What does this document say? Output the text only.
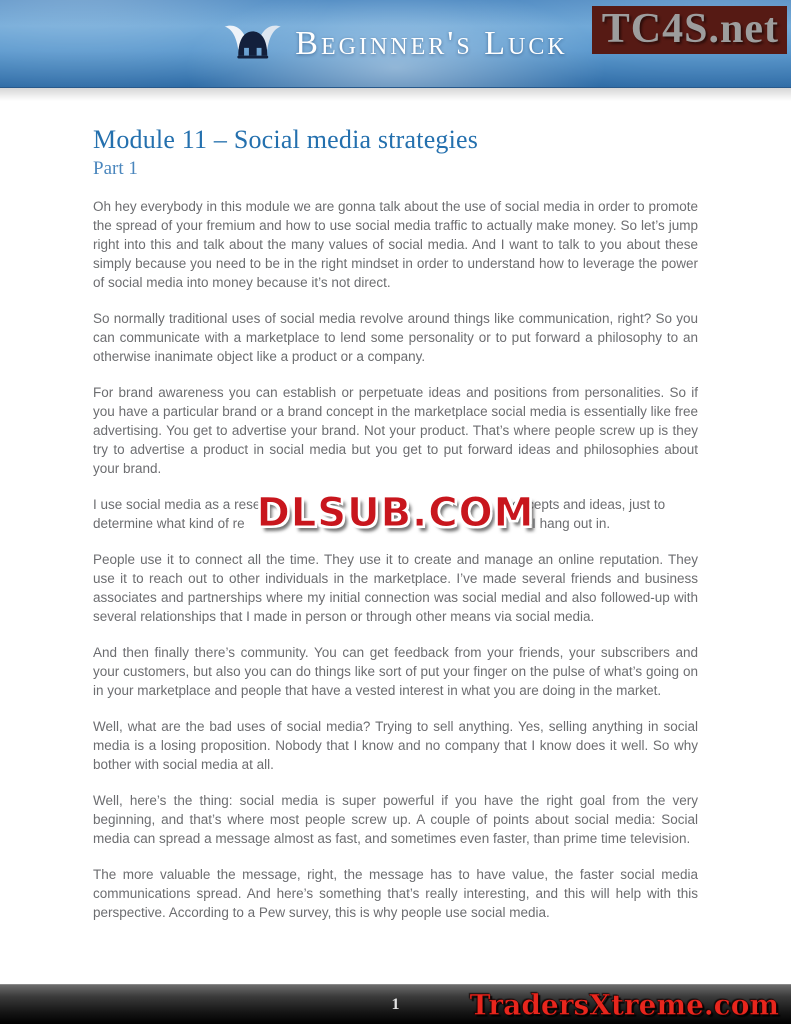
Beginner's Luck TC4S.net
Module 11 – Social media strategies
Part 1

Oh hey everybody in this module we are gonna talk about the use of social media in order to promote the spread of your fremium and how to use social media traffic to actually make money. So let’s jump right into this and talk about the many values of social media. And I want to talk to you about these simply because you need to be in the right mindset in order to understand how to leverage the power of social media into money because it’s not direct.

So normally traditional uses of social media revolve around things like communication, right? So you can communicate with a marketplace to lend some personality or to put forward a philosophy to an otherwise inanimate object like a product or a company.

For brand awareness you can establish or perpetuate ideas and positions from personalities. So if you have a particular brand or a brand concept in the marketplace social media is essentially like free advertising. You get to advertise your brand. Not your product. That’s where people screw up is they try to advertise a product in social media but you get to put forward ideas and philosophies about your brand.

I use social media as a rese	concepts and ideas, just to
determine what kind of re	t I hang out in.
DLSUB.COM

People use it to connect all the time. They use it to create and manage an online reputation. They use it to reach out to other individuals in the marketplace. I’ve made several friends and business associates and partnerships where my initial connection was social medial and also followed-up with several relationships that I made in person or through other means via social media.

And then finally there’s community. You can get feedback from your friends, your subscribers and your customers, but also you can do things like sort of put your finger on the pulse of what’s going on in your marketplace and people that have a vested interest in what you are doing in the market.

Well, what are the bad uses of social media? Trying to sell anything. Yes, selling anything in social media is a losing proposition. Nobody that I know and no company that I know does it well. So why bother with social media at all.

Well, here’s the thing: social media is super powerful if you have the right goal from the very beginning, and that’s where most people screw up. A couple of points about social media: Social media can spread a message almost as fast, and sometimes even faster, than prime time television.

The more valuable the message, right, the message has to have value, the faster social media communications spread. And here’s something that’s really interesting, and this will help with this perspective. According to a Pew survey, this is why people use social media.

1	TradersXtreme.com
